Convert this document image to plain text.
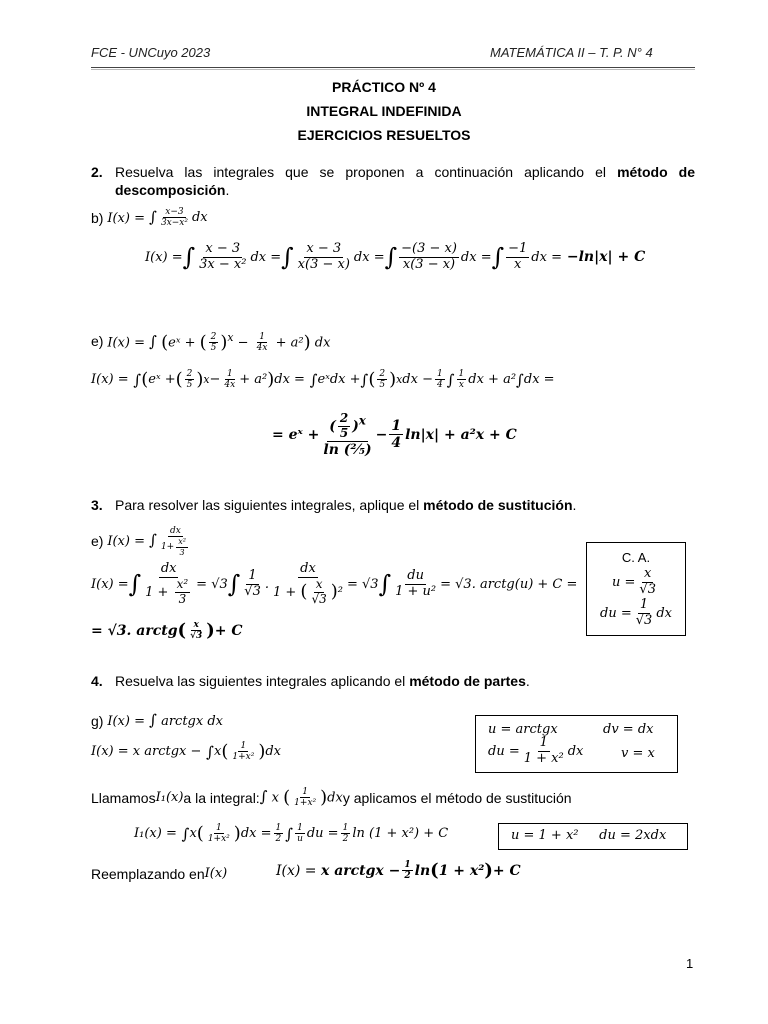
FCE - UNCuyo 2023	MATEMÁTICA II – T. P. N° 4
PRÁCTICO Nº 4
INTEGRAL INDEFINIDA
EJERCICIOS RESUELTOS
2. Resuelva las integrales que se proponen a continuación aplicando el método de descomposición.
b)
I(x) = ∫ $\frac{x-3}{\text{3x−x²}}$ dx
I(x) = ∫ $\frac{x - 3}{\text{3x − x²}}$ dx = ∫ $\frac{x - 3}{x(3 - x)}$ dx = ∫ $\frac{-(3 - x)}{x(3 - x)}$ dx = ∫ $\frac{-1}{x}$ dx = −ln|x| + C
e)
I(x) = ∫ (eˣ + ( $\frac{2}{5} )^x - \frac{1}{4x} + a^2$) dx
I(x) = ∫ ( eˣ + ( $\frac{2}{5}$ ) $x - \frac{1}{4x} + a^2$ ) dx = ∫ eˣdx + ∫ ( $\frac{2}{5}$ ) x dx − $\frac{1}{4}$ ∫ $\frac{1}{x}$ dx + a² ∫ dx =
= eˣ + $\frac{( \frac{2}{5} )^x}{\text{ln (²⁄₅)}} - \frac{1}{4} \ln|x| + a^2x + C$
3. Para resolver las siguientes integrales, aplique el método de sustitución.
e)
I(x) = ∫ $\frac{dx}{1+ \frac{\text{x²}}{3}}$
I(x) = ∫ $\frac{dx}{1 + \frac{\text{x²}}{3}} = √3$ ∫ $\frac{1}{√3}$ . $\frac{dx}{1 + ( \frac{x}{√3} )^2} = √3$ ∫ $\frac{du}{\text{1 + u²}} = √3$. arctg(u) + C =
= √3. arctg ( $\frac{x}{√3}$ ) + C
C. A.
$u = \frac{x}{√3}$
du = $\frac{1}{√3}$ dx
4. Resuelva las siguientes integrales aplicando el método de partes.
g)
I(x) = ∫ arctgx dx
I(x) = x arctgx − ∫ x ( $\frac{1}{\text{1+x²}}$ ) dx
u = arctgx	dv = dx
du = $\frac{1}{\text{1 + x²}}$ dx	v = x
Llamamos I₁(x) a la integral: ∫ x ( $\frac{1}{\text{1+x²}} )dx$ y aplicamos el método de sustitución
I₁(x) = ∫ x ( $\frac{1}{\text{1+x²}}$ ) dx = $\frac{1}{2}$ ∫ $\frac{1}{u}$ du = $\frac{1}{2}$ ln (1 + x²) + C	u = 1 + x²     du = 2xdx
Reemplazando en I(x)	I(x) = x arctgx − $\frac{1}{2}$ ln ( 1 + x² ) + C
1
